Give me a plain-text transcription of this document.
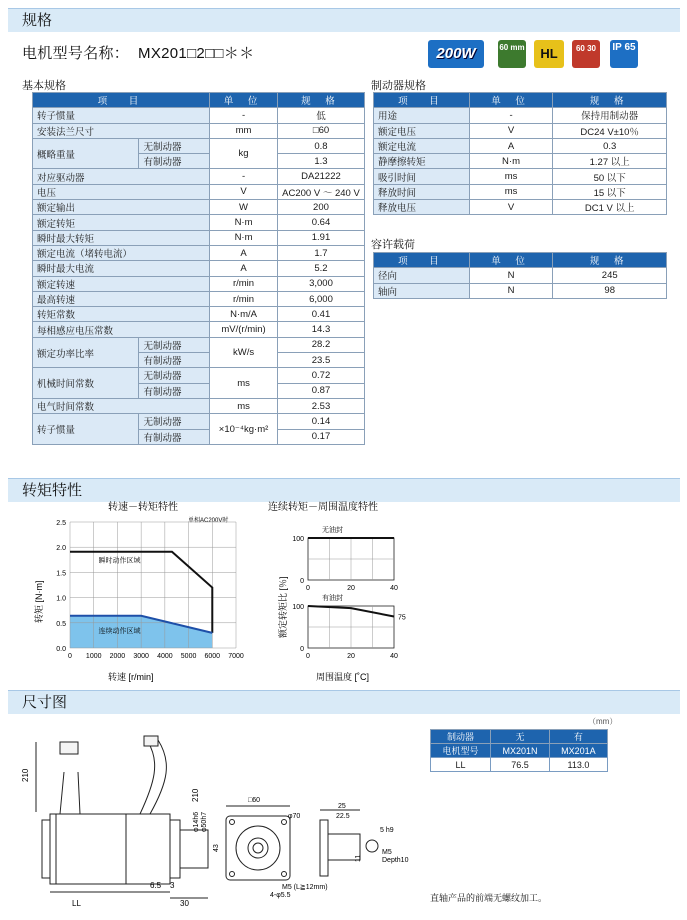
规格
电机型号名称： MX201□2□□＊＊	200W	60 mm	HL	60 30	IP 65
基本规格
项　目		单 位	规 格
转子惯量		-	低
安装法兰尺寸		mm	□60
概略重量	无制动器	kg	0.8
	有制动器		1.3
对应驱动器		-	DA21222
电压		V	AC200 V ～ 240 V
额定输出		W	200
额定转矩		N·m	0.64
瞬时最大转矩		N·m	1.91
额定电流（堵转电流）		A	1.7
瞬时最大电流		A	5.2
额定转速		r/min	3,000
最高转速		r/min	6,000
转矩常数		N·m/A	0.41
每相感应电压常数		mV/(r/min)	14.3
额定功率比率	无制动器	kW/s	28.2
	有制动器		23.5
机械时间常数	无制动器	ms	0.72
	有制动器		0.87
电气时间常数		ms	2.53
转子惯量	无制动器	×10⁻⁴kg·m²	0.14
	有制动器		0.17
制动器规格
项　目	单 位	规 格
用途	-	保持用制动器
额定电压	V	DC24 V±10％
额定电流	A	0.3
静摩擦转矩	N·m	1.27 以上
吸引时间	ms	50 以下
释放时间	ms	15 以下
释放电压	V	DC1 V 以上
容许载荷
项　目	单 位	规 格
径向	N	245
轴向	N	98
转矩特性
转速－转矩特性
单相AC200V时
瞬时动作区域
连续动作区域
0 1000 2000 3000 4000 5000 6000 7000
0.0
0.5
1.0
1.5
2.0
2.5
转速 [r/min]
转矩 [N·m]
连续转矩－周围温度特性
无油封
100
0
0	20	40
有油封
100
0
0	20	40
75
周围温度 [˚C]
额定转矩比 [％]
尺寸图
（mm）
制动器	无	有
电机型号	MX201N	MX201A
LL	76.5	113.0
直轴产品的前端无螺纹加工。
LL
6.5 3
30
210
210
φ14h6 φ50h7
□60
φ70
43
4-φ5.5
M5 (L≧12mm)
25
22.5
5 h9
11
M5
Depth10
